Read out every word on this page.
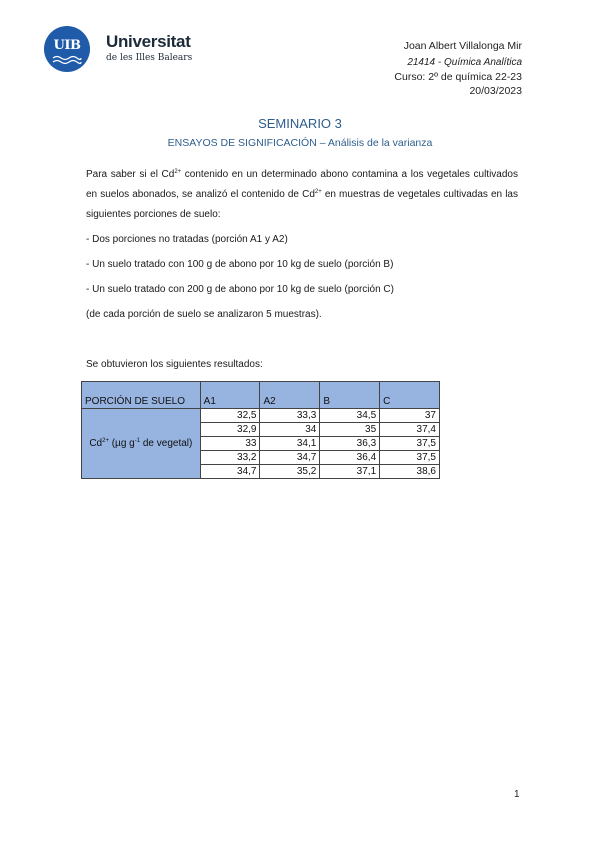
UIB	Universitat
de les Illes Balears
Joan Albert Villalonga Mir
21414 - Química Analítica
Curso: 2º de química 22-23
20/03/2023
SEMINARIO 3
ENSAYOS DE SIGNIFICACIÓN – Análisis de la varianza
Para saber si el $Cd^{2+}$ contenido en un determinado abono contamina a los vegetales cultivados en suelos abonados, se analizó el contenido de $Cd^{2+}$ en muestras de vegetales cultivadas en las siguientes porciones de suelo:
- Dos porciones no tratadas (porción A1 y A2)
- Un suelo tratado con 100 g de abono por 10 kg de suelo (porción B)
- Un suelo tratado con 200 g de abono por 10 kg de suelo (porción C)
(de cada porción de suelo se analizaron 5 muestras).
Se obtuvieron los siguientes resultados:
PORCIÓN DE SUELO	A1	A2	B	C
$Cd^{2+}$ (µg $g^{-1}$ de vegetal)	32,5	33,3	34,5	37
	32,9	34	35	37,4
	33	34,1	36,3	37,5
	33,2	34,7	36,4	37,5
	34,7	35,2	37,1	38,6
1
